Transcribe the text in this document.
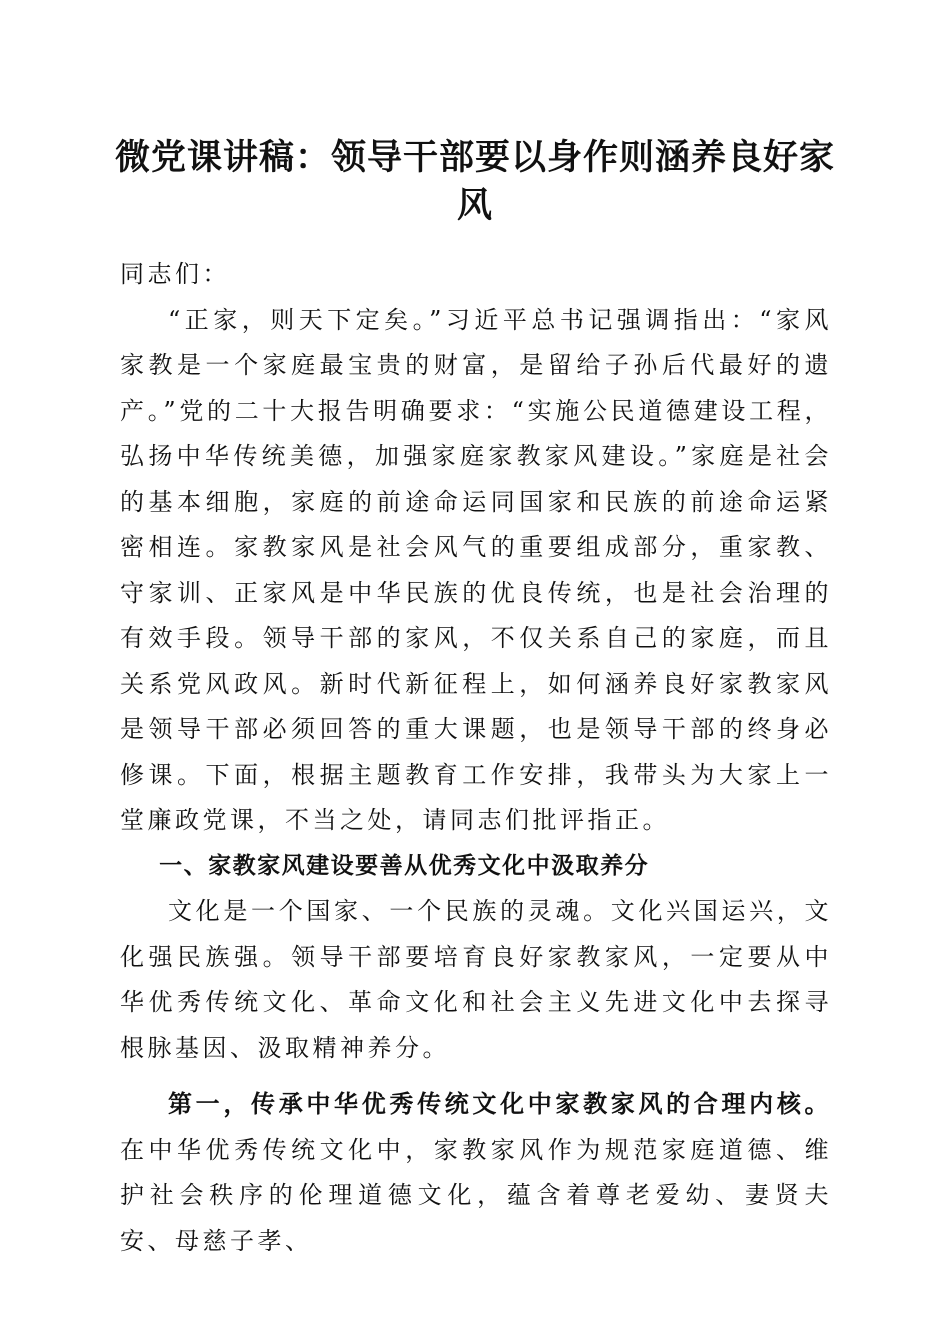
微党课讲稿：领导干部要以身作则涵养良好家风

同志们：

“正家，则天下定矣。”习近平总书记强调指出：“家风家教是一个家庭最宝贵的财富，是留给子孙后代最好的遗产。”党的二十大报告明确要求：“实施公民道德建设工程，弘扬中华传统美德，加强家庭家教家风建设。”家庭是社会的基本细胞，家庭的前途命运同国家和民族的前途命运紧密相连。家教家风是社会风气的重要组成部分，重家教、守家训、正家风是中华民族的优良传统，也是社会治理的有效手段。领导干部的家风，不仅关系自己的家庭，而且关系党风政风。新时代新征程上，如何涵养良好家教家风是领导干部必须回答的重大课题，也是领导干部的终身必修课。下面，根据主题教育工作安排，我带头为大家上一堂廉政党课，不当之处，请同志们批评指正。

一、家教家风建设要善从优秀文化中汲取养分

文化是一个国家、一个民族的灵魂。文化兴国运兴，文化强民族强。领导干部要培育良好家教家风，一定要从中华优秀传统文化、革命文化和社会主义先进文化中去探寻根脉基因、汲取精神养分。

第一，传承中华优秀传统文化中家教家风的合理内核。在中华优秀传统文化中，家教家风作为规范家庭道德、维护社会秩序的伦理道德文化，蕴含着尊老爱幼、妻贤夫安、母慈子孝、
